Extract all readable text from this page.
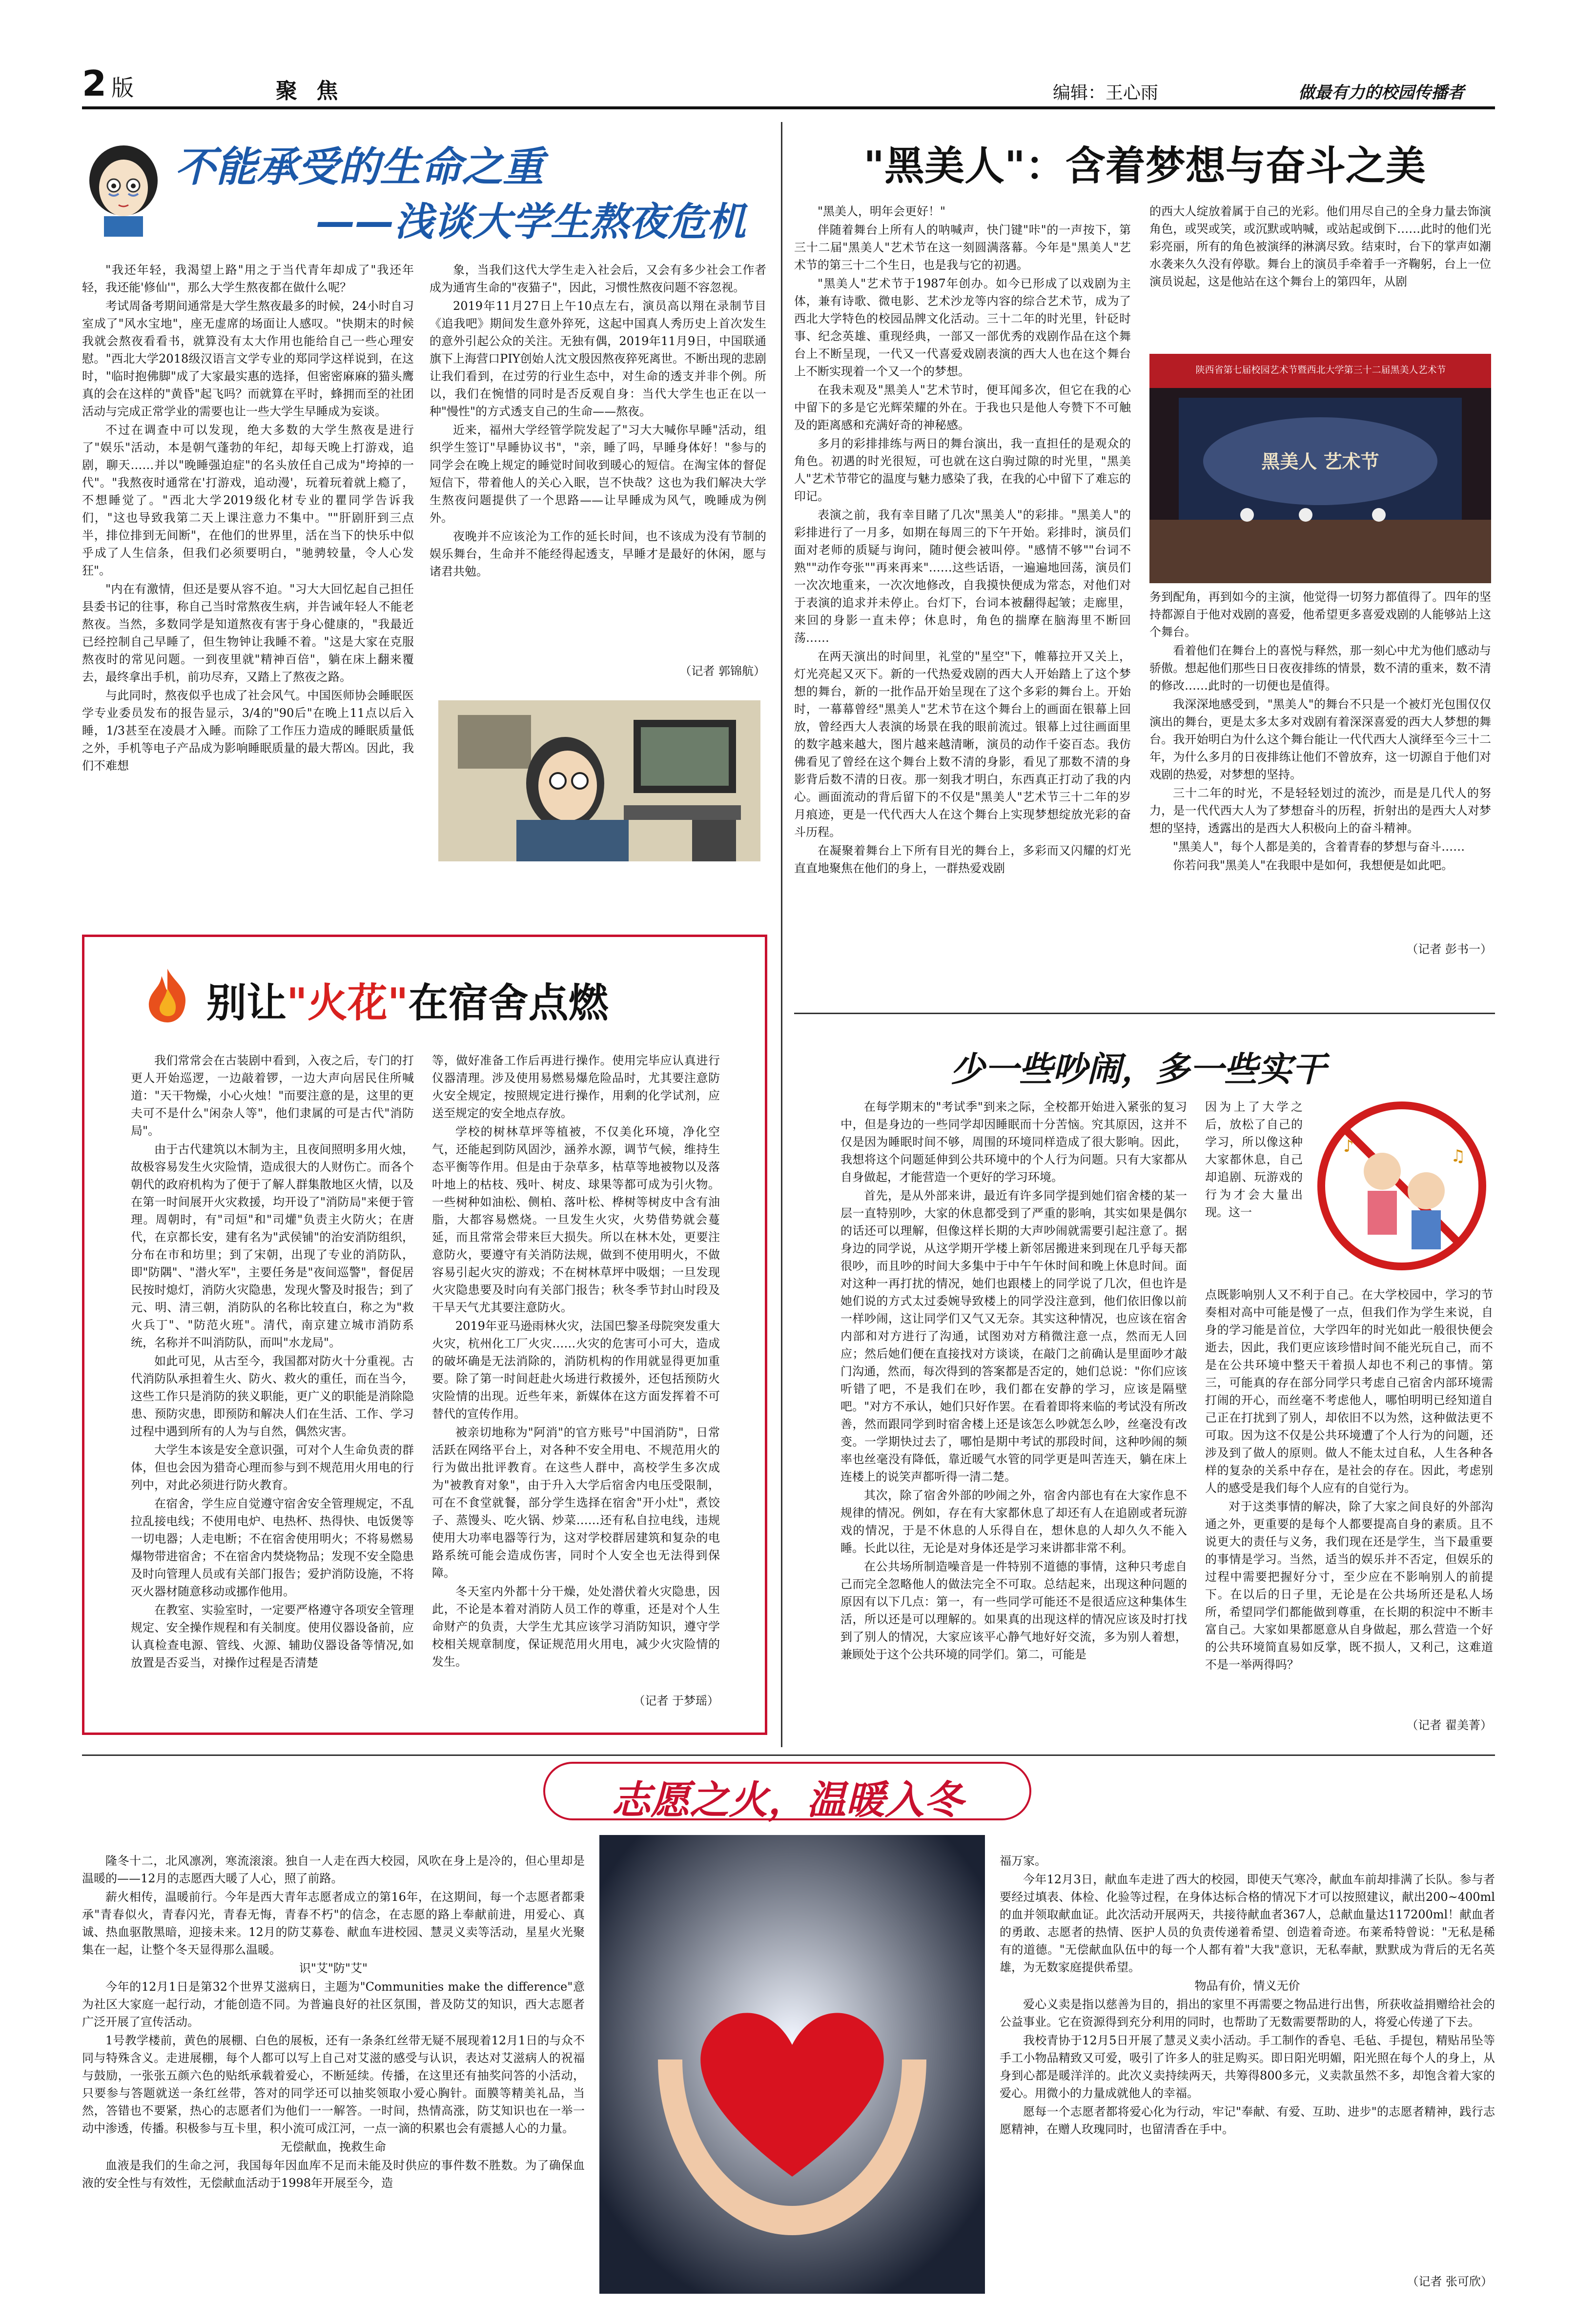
2 版	聚 焦	编辑：王心雨	做最有力的校园传播者
不能承受的生命之重
——浅谈大学生熬夜危机

"我还年轻，我渴望上路"用之于当代青年却成了"我还年轻，我还能'修仙'"，那么大学生熬夜都在做什么呢？

考试周备考期间通常是大学生熬夜最多的时候，24小时自习室成了"风水宝地"，座无虚席的场面让人感叹。"快期末的时候我就会熬夜看看书，就算没有太大作用也能给自己一些心理安慰。"西北大学2018级汉语言文学专业的郑同学这样说到，在这时，"临时抱佛脚"成了大家最实惠的选择，但密密麻麻的猫头鹰真的会在这样的"黄昏"起飞吗？而就算在平时，蜂拥而至的社团活动与完成正常学业的需要也让一些大学生早睡成为妄谈。

不过在调查中可以发现，绝大多数的大学生熬夜是进行了"娱乐"活动，本是朝气蓬勃的年纪，却每天晚上打游戏，追剧，聊天……并以"晚睡强迫症"的名头放任自己成为"垮掉的一代"。"我熬夜时通常在'打游戏，追动漫'，玩着玩着就上瘾了，不想睡觉了。"西北大学2019级化材专业的瞿同学告诉我们，"这也导致我第二天上课注意力不集中。""肝剧肝到三点半，排位排到无间断"，在他们的世界里，活在当下的快乐中似乎成了人生信条，但我们必须要明白，"驰骋较量，令人心发狂"。

"内在有激情，但还是要从容不迫。"习大大回忆起自己担任县委书记的往事，称自己当时常熬夜生病，并告诫年轻人不能老熬夜。当然，多数同学是知道熬夜有害于身心健康的，"我最近已经控制自己早睡了，但生物钟让我睡不着。"这是大家在克服熬夜时的常见问题。一到夜里就"精神百倍"，躺在床上翻来覆去，最终拿出手机，前功尽弃，又踏上了熬夜之路。

与此同时，熬夜似乎也成了社会风气。中国医师协会睡眠医学专业委员发布的报告显示，3/4的"90后"在晚上11点以后入睡，1/3甚至在凌晨才入睡。而除了工作压力造成的睡眠质量低之外，手机等电子产品成为影响睡眠质量的最大帮凶。因此，我们不难想

象，当我们这代大学生走入社会后，又会有多少社会工作者成为通宵生命的"夜猫子"，因此，习惯性熬夜问题不容忽视。

2019年11月27日上午10点左右，演员高以翔在录制节目《追我吧》期间发生意外猝死，这起中国真人秀历史上首次发生的意外引起公众的关注。无独有偶，2019年11月9日，中国联通旗下上海营口PIY创始人沈文殷因熬夜猝死离世。不断出现的悲剧让我们看到，在过劳的行业生态中，对生命的透支并非个例。所以，我们在惋惜的同时是否反观自身：当代大学生也正在以一种"慢性"的方式透支自己的生命——熬夜。

近来，福州大学经管学院发起了"习大大喊你早睡"活动，组织学生签订"早睡协议书"，"亲，睡了吗，早睡身体好！"参与的同学会在晚上规定的睡觉时间收到暖心的短信。在淘宝体的督促短信下，带着他人的关心入眠，岂不快哉？这也为我们解决大学生熬夜问题提供了一个思路——让早睡成为风气，晚睡成为例外。

夜晚并不应该沦为工作的延长时间，也不该成为没有节制的娱乐舞台，生命并不能经得起透支，早睡才是最好的休闲，愿与诸君共勉。

（记者 郭锦航）
"黑美人"：含着梦想与奋斗之美

"黑美人，明年会更好！"

伴随着舞台上所有人的呐喊声，快门键"咔"的一声按下，第三十二届"黑美人"艺术节在这一刻圆满落幕。今年是"黑美人"艺术节的第三十二个生日，也是我与它的初遇。

"黑美人"艺术节于1987年创办。如今已形成了以戏剧为主体，兼有诗歌、微电影、艺术沙龙等内容的综合艺术节，成为了西北大学特色的校园品牌文化活动。三十二年的时光里，针砭时事、纪念英雄、重现经典，一部又一部优秀的戏剧作品在这个舞台上不断呈现，一代又一代喜爱戏剧表演的西大人也在这个舞台上不断实现着一个又一个的梦想。

在我未观及"黑美人"艺术节时，便耳闻多次，但它在我的心中留下的多是它光辉荣耀的外在。于我也只是他人夸赞下不可触及的距离感和充满好奇的神秘感。

多月的彩排排练与两日的舞台演出，我一直担任的是观众的角色。初遇的时光很短，可也就在这白驹过隙的时光里，"黑美人"艺术节带它的温度与魅力感染了我，在我的心中留下了难忘的印记。

表演之前，我有幸目睹了几次"黑美人"的彩排。"黑美人"的彩排进行了一月多，如期在每周三的下午开始。彩排时，演员们面对老师的质疑与询问，随时便会被叫停。"感情不够""台词不熟""动作夸张""再来再来"……这些话语，一遍遍地回荡，演员们一次次地重来，一次次地修改，自我摸快便成为常态，对他们对于表演的追求并未停止。台灯下，台词本被翻得起皱；走廊里，来回的身影一直未停；休息时，角色的揣摩在脑海里不断回荡……

在两天演出的时间里，礼堂的"星空"下，帷幕拉开又关上，灯光亮起又灭下。新的一代热爱戏剧的西大人开始踏上了这个梦想的舞台，新的一批作品开始呈现在了这个多彩的舞台上。开始时，一幕幕曾经"黑美人"艺术节在这个舞台上的画面在银幕上回放，曾经西大人表演的场景在我的眼前流过。银幕上过往画面里的数字越来越大，图片越来越清晰，演员的动作千姿百态。我仿佛看见了曾经在这个舞台上数不清的身影，看见了那数不清的身影背后数不清的日夜。那一刻我才明白，东西真正打动了我的内心。画面流动的背后留下的不仅是"黑美人"艺术节三十二年的岁月痕迹，更是一代代西大人在这个舞台上实现梦想绽放光彩的奋斗历程。

在凝聚着舞台上下所有目光的舞台上，多彩而又闪耀的灯光直直地聚焦在他们的身上，一群热爱戏剧

的西大人绽放着属于自己的光彩。他们用尽自己的全身力量去饰演角色，或哭或笑，或沉默或呐喊，或站起或倒下……此时的他们光彩亮丽，所有的角色被演绎的淋漓尽致。结束时，台下的掌声如潮水袭来久久没有停歇。舞台上的演员手牵着手一齐鞠躬，台上一位演员说起，这是他站在这个舞台上的第四年，从剧

陕西省第七届校园艺术节暨西北大学第三十二届黑美人艺术节
黑美人 艺术节

务到配角，再到如今的主演，他觉得一切努力都值得了。四年的坚持都源自于他对戏剧的喜爱，他希望更多喜爱戏剧的人能够站上这个舞台。

看着他们在舞台上的喜悦与释然，那一刻心中尤为他们感动与骄傲。想起他们那些日日夜夜排练的情景，数不清的重来，数不清的修改……此时的一切便也是值得。

我深深地感受到，"黑美人"的舞台不只是一个被灯光包围仅仅演出的舞台，更是太多太多对戏剧有着深深喜爱的西大人梦想的舞台。我开始明白为什么这个舞台能让一代代西大人演绎至今三十二年，为什么多月的日夜排练让他们不曾放弃，这一切源自于他们对戏剧的热爱，对梦想的坚持。

三十二年的时光，不是轻轻划过的流沙，而是是几代人的努力，是一代代西大人为了梦想奋斗的历程，折射出的是西大人对梦想的坚持，透露出的是西大人积极向上的奋斗精神。

"黑美人"，每个人都是美的，含着青春的梦想与奋斗……

你若问我"黑美人"在我眼中是如何，我想便是如此吧。

（记者 彭书一）
别让"火花"在宿舍点燃

我们常常会在古装剧中看到，入夜之后，专门的打更人开始巡逻，一边敲着锣，一边大声向居民住所喊道："天干物燥，小心火烛！"而要注意的是，这里的更夫可不是什么"闲杂人等"，他们隶属的可是古代"消防局"。

由于古代建筑以木制为主，且夜间照明多用火烛，故极容易发生火灾险情，造成很大的人财伤亡。而各个朝代的政府机构为了便于了解人群集散地区火情，以及在第一时间展开火灾救援，均开设了"消防局"来便于管理。周朝时，有"司烜"和"司爟"负责主火防火；在唐代，在京都长安，建有名为"武侯铺"的治安消防组织，分布在市和坊里；到了宋朝，出现了专业的消防队，即"防隅"、"潜火军"，主要任务是"夜间巡警"，督促居民按时熄灯，消防火灾隐患，发现火警及时报告；到了元、明、清三朝，消防队的名称比较直白，称之为"救火兵丁"、"防范火班"。清代，南京建立城市消防系统，名称并不叫消防队，而叫"水龙局"。

如此可见，从古至今，我国都对防火十分重视。古代消防队承担着生火、防火、救火的重任，而在当今，这些工作只是消防的狭义职能，更广义的职能是消除隐患、预防灾患，即预防和解决人们在生活、工作、学习过程中遇到所有的人为与自然，偶然灾害。

大学生本该是安全意识强，可对个人生命负责的群体，但也会因为猎奇心理而参与到不规范用火用电的行列中，对此必须进行防火教育。

在宿舍，学生应自觉遵守宿舍安全管理规定，不乱拉乱接电线；不使用电炉、电热杯、热得快、电饭煲等一切电器；人走电断；不在宿舍使用明火；不将易燃易爆物带进宿舍；不在宿舍内焚烧物品；发现不安全隐患及时向管理人员或有关部门报告；爱护消防设施，不将灭火器材随意移动或挪作他用。

在教室、实验室时，一定要严格遵守各项安全管理规定、安全操作规程和有关制度。使用仪器设备前，应认真检查电源、管线、火源、辅助仪器设备等情况,如放置是否妥当，对操作过程是否清楚

等，做好准备工作后再进行操作。使用完毕应认真进行仪器清理。涉及使用易燃易爆危险品时，尤其要注意防火安全规定，按照规定进行操作，用剩的化学试剂，应送至规定的安全地点存放。

学校的树林草坪等植被，不仅美化环境，净化空气，还能起到防风固沙，涵养水源，调节气候，维持生态平衡等作用。但是由于杂草多，枯草等地被物以及落叶地上的枯枝、残叶、树皮、球果等都可成为引火物。一些树种如油松、侧柏、落叶松、桦树等树皮中含有油脂，大都容易燃烧。一旦发生火灾，火势借势就会蔓延，而且常常会带来巨大损失。所以在林木处，更要注意防火，要遵守有关消防法规，做到不使用明火，不做容易引起火灾的游戏；不在树林草坪中吸烟；一旦发现火灾隐患要及时向有关部门报告；秋冬季节封山时段及干旱天气尤其要注意防火。

2019年亚马逊雨林火灾，法国巴黎圣母院突发重大火灾，杭州化工厂火灾……火灾的危害可小可大，造成的破坏确是无法消除的，消防机构的作用就显得更加重要。除了第一时间赶赴火场进行救援外，还包括预防火灾险情的出现。近些年来，新媒体在这方面发挥着不可替代的宣传作用。

被亲切地称为"阿消"的官方账号"中国消防"，日常活跃在网络平台上，对各种不安全用电、不规范用火的行为做出批评教育。在这些人群中，高校学生多次成为"被教育对象"，由于升入大学后宿舍内电压受限制，可在不食堂就餐，部分学生选择在宿舍"开小灶"，煮饺子、蒸馒头、吃火锅、炒菜……还有私自拉电线，违规使用大功率电器等行为，这对学校群居建筑和复杂的电路系统可能会造成伤害，同时个人安全也无法得到保障。

冬天室内外都十分干燥，处处潜伏着火灾隐患，因此，不论是本着对消防人员工作的尊重，还是对个人生命财产的负责，大学生尤其应该学习消防知识，遵守学校相关规章制度，保证规范用火用电，减少火灾险情的发生。

（记者 于梦瑶）
少一些吵闹，多一些实干

在每学期末的"考试季"到来之际，全校都开始进入紧张的复习中，但是身边的一些同学却因睡眠而十分苦恼。究其原因，这并不仅是因为睡眠时间不够，周围的环境同样造成了很大影响。因此，我想将这个问题延伸到公共环境中的个人行为问题。只有大家都从自身做起，才能营造一个更好的学习环境。

首先，是从外部来讲，最近有许多同学提到她们宿舍楼的某一层一直特别吵，大家的休息都受到了严重的影响，其实如果是偶尔的话还可以理解，但像这样长期的大声吵闹就需要引起注意了。据身边的同学说，从这学期开学楼上新邻居搬进来到现在几乎每天都很吵，而且吵的时间大多集中于中午午休时间和晚上休息时间。面对这种一再打扰的情况，她们也跟楼上的同学说了几次，但也许是她们说的方式太过委婉导致楼上的同学没注意到，他们依旧像以前一样吵闹，这让同学们又气又无奈。其实这种情况，也应该在宿舍内部和对方进行了沟通，试图劝对方稍微注意一点，然而无人回应；然后她们便在直接找对方谈谈，在敲门之前确认是里面吵才敲门沟通，然而，每次得到的答案都是否定的，她们总说："你们应该听错了吧，不是我们在吵，我们都在安静的学习，应该是隔壁吧。"对方不承认，她们只好作罢。在看着即将来临的考试没有所改善，然而跟同学到时宿舍楼上还是该怎么吵就怎么吵，丝毫没有改变。一学期快过去了，哪怕是期中考试的那段时间，这种吵闹的频率也丝毫没有降低，靠近暖气水管的同学更是叫苦连天，躺在床上连楼上的说笑声都听得一清二楚。

其次，除了宿舍外部的吵闹之外，宿舍内部也有在大家作息不规律的情况。例如，存在有大家都休息了却还有人在追剧或者玩游戏的情况，于是不休息的人乐得自在，想休息的人却久久不能入睡。长此以往，无论是对身体还是学习来讲都非常不利。

在公共场所制造噪音是一件特别不道德的事情，这种只考虑自己而完全忽略他人的做法完全不可取。总结起来，出现这种问题的原因有以下几点：第一，有一些同学可能还不是很适应这种集体生活，所以还是可以理解的。如果真的出现这样的情况应该及时打找到了别人的情况，大家应该平心静气地好好交流，多为别人着想，兼顾处于这个公共环境的同学们。第二，可能是

因为上了大学之后，放松了自己的学习，所以像这种大家都休息，自己却追剧、玩游戏的行为才会大量出现。这一

♪	♫

点既影响别人又不利于自己。在大学校园中，学习的节奏相对高中可能是慢了一点，但我们作为学生来说，自身的学习能是首位，大学四年的时光如此一般很快便会逝去，因此，我们更应该珍惜时间不能光玩自己，而不是在公共环境中整天干着损人却也不利己的事情。第三，可能真的存在部分同学只考虑自己宿舍内部环境需打闹的开心，而丝毫不考虑他人，哪怕明明已经知道自己正在打扰到了别人，却依旧不以为然，这种做法更不可取。因为这不仅是公共环境遭了个人行为的问题，还涉及到了做人的原则。做人不能太过自私，人生各种各样的复杂的关系中存在，是社会的存在。因此，考虑别人的感受是我们每个人应有的自觉行为。

对于这类事情的解决，除了大家之间良好的外部沟通之外，更重要的是每个人都要提高自身的素质。且不说更大的责任与义务，我们现在还是学生，当下最重要的事情是学习。当然，适当的娱乐并不否定，但娱乐的过程中需要把握好分寸，至少应在不影响别人的前提下。在以后的日子里，无论是在公共场所还是私人场所，希望同学们都能做到尊重，在长期的积淀中不断丰富自己。大家如果都愿意从自身做起，那么营造一个好的公共环境简直易如反掌，既不损人，又利己，这难道不是一举两得吗？

（记者 翟美菁）
志愿之火，温暖入冬

隆冬十二，北风凛冽，寒流滚滚。独自一人走在西大校园，风吹在身上是冷的，但心里却是温暖的——12月的志愿西大暖了人心，照了前路。

薪火相传，温暖前行。今年是西大青年志愿者成立的第16年，在这期间，每一个志愿者都秉承"青春似火，青春闪光，青春无悔，青春不朽"的信念，在志愿的路上奉献前进，用爱心、真诚、热血驱散黑暗，迎接未来。12月的防艾募卷、献血车进校园、慧灵义卖等活动，星星火光聚集在一起，让整个冬天显得那么温暖。

识"艾"防"艾"

今年的12月1日是第32个世界艾滋病日，主题为"Communities make the difference"意为社区大家庭一起行动，才能创造不同。为普遍良好的社区氛围，普及防艾的知识，西大志愿者广泛开展了宣传活动。

1号教学楼前，黄色的展棚、白色的展板，还有一条条红丝带无疑不展现着12月1日的与众不同与特殊含义。走进展棚，每个人都可以写上自己对艾滋的感受与认识，表达对艾滋病人的祝福与鼓励，一张张五颜六色的贴纸承载着爱心，不断延续。传播，在这里还有抽奖问答的小活动，只要参与答题就送一条红丝带，答对的同学还可以抽奖领取小爱心胸针。面膜等精美礼品，当然，答错也不要紧，热心的志愿者们为他们一一解答。一时间，热情高涨，防艾知识也在一举一动中渗透，传播。积极参与互卡里，积小流可成江河，一点一滴的积累也会有震撼人心的力量。

无偿献血，挽救生命

血液是我们的生命之河，我国每年因血库不足而未能及时供应的事件数不胜数。为了确保血液的安全性与有效性，无偿献血活动于1998年开展至今，造

福万家。

今年12月3日，献血车走进了西大的校园，即使天气寒冷，献血车前却排满了长队。参与者要经过填表、体检、化验等过程，在身体达标合格的情况下才可以按照建议，献出200~400ml的血并领取献血证。此次活动开展两天，共接待献血者367人，总献血量达117200ml！献血者的勇敢、志愿者的热情、医护人员的负责传递着希望、创造着奇迹。布莱希特曾说："无私是稀有的道德。"无偿献血队伍中的每一个人都有着"大我"意识，无私奉献，默默成为背后的无名英雄，为无数家庭提供希望。

物品有价，情义无价

爱心义卖是指以慈善为目的，捐出的家里不再需要之物品进行出售，所获收益捐赠给社会的公益事业。它在资源得到充分利用的同时，也帮助了无数需要帮助的人，将爱心传递了下去。

我校青协于12月5日开展了慧灵义卖小活动。手工制作的香皂、毛毡、手提包，精贴吊坠等手工小物品精致又可爱，吸引了许多人的驻足购买。即日阳光明媚，阳光照在每个人的身上，从身到心都是暖洋洋的。此次义卖持续两天，共筹得800多元，义卖款虽然不多，却饱含着大家的爱心。用微小的力量成就他人的幸福。

愿每一个志愿者都将爱心化为行动，牢记"奉献、有爱、互助、进步"的志愿者精神，践行志愿精神，在赠人玫瑰同时，也留清香在手中。

（记者 张可欣）
